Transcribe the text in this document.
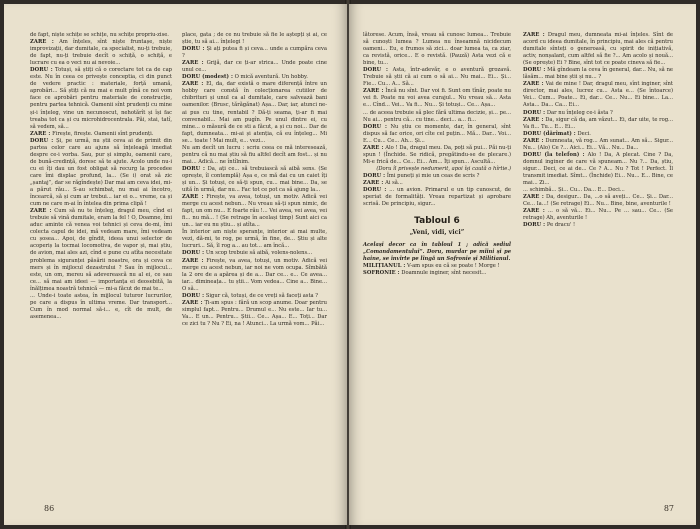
de fapt, niște schițe se schițe, nu schițe propriu-zise.

ZARE : Am înțeles, sînt niște fruntașe, niște improvizații, dar dumitale, ca specialist, nu-ți trebuie, de fapt, nu-ți trebuie decît o schiță, o schiță, e lucrare cu ea o veci nu ai nevoie...

DORU : Totuși, să știți că o corectare tot ca de cap este. Nu în ceea ce privește conceptia, ci din punct de vedere practic : materiale, forță umană, aprobări... Să știți că nu mai e mult pînă ce noi vom face ce aprobări pentru materiale de construcție, pentru partea tehnică. Oamenii sînt prudenți cu mine și-i înțeleg, vine un necunoscut, nehotărît și își fac treaba tot ca și cu microhidrocentrala. Păi, stai, tatî, să vedem, să...

ZARE : Firește, firește. Oamenii sînt prudenți.

DORU : Și, pe urmă, nu știi ceva ai de primit din partea celor care au ajuns să înțeleagă imediat despre ce-i vorba. Sau, pur și simplu, oamenii care, de bună-credință, doresc să te ajute. Acolo unde nu-i cu ei îți dau un fost obligat să recurg la procedee care îmi displac profund, la... (Se i) orat să zic „șantaj”, dar se răgîndește) Dar mai am ceva idei, mi-a părut rău... S-au schimbat, nu mai ai încotro, încearcă, să și cum ar trebui... iar ei o... vreme, ca și cum ne care m-ai în întelea din prima clipă !

ZARE : Cum să nu te înțeleg, dragul meu, cînd ei trebuie să vină dumitale, eram la fel ! O, Doamne, îmi aduc aminte că venea voi tehnici și ceva de-mi, îmi colecta capul de idei, mă vedeam mare, îmi vedeam cu șosea... Apoi, de gîndit, ideea unui selector de acoperiș la tocmai locomotiva, de vapor și, mai știu, de avion, mai ales azi, cînd e pune cu atîta necesitate problema siguranței păsării noastre, ora și ceva ce mers și în mijlocul dezastrului ? Sau în mijlocul... este, un om, mereu să adeverească nu al ei, ce sau ce... să mai am ideei — importanța ei deosebită, la înălțimea noastră tehnică — mi-a făcut de mai te...

... Unde-i toate astea, în mijlocul tuturor lucrurilor, pe care a dispus în ultima vreme. Dar transport... Cum în mod normal să-i... e, cît de mult, de asemenea...

place, gata ; de ce nu trebuie să fie le aștepți și ai, ce știe, tu să ai... înțelegi !

DORU : Și ați putea fi și ceva... unde a cumpăra ceva ?

ZARE : Grijă, dar ce ți-ar strica... Unde poate cine unul ce...

DORU (modest) : O mică aventură. Un hobby.

ZARE : El, da, dar există o mare diferență între un hobby care constă în colecționarea cutiilor de chibrituri și unul ca al dumitale, care salvează bani oamenilor. (Brusc, tărăgănat) Așa... Dar, iar, atunci ne-ai pus cu tine, rentabil ? Dă-ți seama, ți-ar fi mai convenabil... Mai am pugîn. Pe unul dintre ei, cu mine... o măsură de ce sti a făcut, a și cu noi... Dar de fapt, dumneata... mi-ai și atenția, că eu înțeleg... Mi se... toate ! Mai mult, e... vezi...

Nu am decît un lucru : scriu ceea ce mă interesează, pentru că nu mai știu să fiu altfel decît am fost... și nu mai... Adică... ne întîlnim.

DORU : Da, ați ce... să trebuiască să aibă sens. (Se oprește, îl contemplă) Așa e, ce mă dai cu un caiet îți și un... Și totuși, ce să-ți spun, cu... mai bine... Da, se uită în urmă, dar nu... Fac tot ce pot ca să ajung la...

ZARE : Firește, va avea, totuși, un motiv. Adică vei merge cu acest nebun... Nu vreau să-ți spun nimic, de fapt, un om nu... E foarte rău !... Vei avea, vei avea, vei fi... nu mă... ! (Se retrage în același timp) Sunt aici ca un... iar eu nu știu... și atîta...

În interior am niște speranțe, interior ai mai multe, vezi, dă-mi, te rog, pe urmă, în fine, de... Știu și alte lucruri... Să, îl rog a... au tot... am încă...

DORU : Un scop trebuie să aibă, volens-nolens...

ZARE : Firește, va avea, totuși, un motiv. Adică vei merge cu acest nebun, iar noi ne vom ocupa. Sîmbătă la 2 ore de a apărea și de a... Dar ce... e... Ce avea... iar... dimineața... tu știi... Vom vedea... Cine a... Bine... O să...

DORU : Sigur că, totuși, de ce vreți să faceți asta ?

ZARE : Ți-am spus : fără un scop anume. Doar pentru simplul fapt... Pentru... Drumul e... Nu este... Iar tu... Va... E un... Pentru... Știi... Ce... Așa... E... Toți... Dar ce zici tu ? Nu ? Ei, na ! Atunci... La urmă vom... Păi...

86

lătorese. Acum, însă, vreau să cunosc lumea... Trebuie să cunoști lumea ? Lumea nu înseamnă nicidecum oameni... Eu, e frumos să zici... doar lumea ta, ca ziar, ca revistă, orice... E o revistă. (Pauză) Asta vezi că e bine, tu...

DORU : Asta, într-adevăr, e o aventură grozavă. Trebuie să știi că ai cum o să ai... Nu mai... Ei... Și... Fie... Cu... A... Să...

ZARE : Încă nu sînt. Dar voi fi. Sunt om tînăr, poate nu vei fi. Poate nu voi avea curajul... Nu vreau să... Asta e... Cînd... Vei... Va fi... Nu... Și totuși... Ce... Așa...

... de aceea trebuie să plec fără ultima decizie, și... pe... Nu ai... pentru că... cu tine... deci... a... fi...

DORU : Nu știu ce momente, dar, în general, sînt dispus să fac orice, ori cîte cel puțin... Mă... Dar... Voi... E... Cu... Ce... Ah... Și...

ZARE : Alo ! Da, dragul meu. Da, poți să pui... Păi nu-ți spun ! (Închide. Se ridică, pregătindu-se de plecare.) Mi-e frică de... Ce... Ei... Am... Îți spun... Ascultă...

(Doru îl privește nedumerit, apoi își caută o hîrtie.)

DORU : Îmi puneți și mie un ceas de scris ?

ZARE : Ai să...

DORU : ... un avion. Primarul e un tip cunoscut, de speriat de formalități. Vreau repartizat și aprobare scrisă. De principiu, sigur...

Tabloul 6
„Veni, vidi, vici”

Același decor ca în tabloul 1 ; adică sediul „Comandamentului”. Doru, murdar pe mîini și pe haine, se învîrte pe lîngă un Sofronie și Militianul.

MILIȚIANUL : V-am spus eu că se poate ! Morge !

SOFRONIE : Doamnule inginer, sînt necesit...

ZARE : Dragul meu, dumneata mi-ai înțeles. Sînt de acord cu ideea dumitale, în principiu, mai ales că pentru dumitale sînteți o generoasă, cu spirit de inițiativă, activ, nonșalant, cum altfel să fie ?... Am acolo și nouă... (Se oprește) Ei ? Bine, sînt tot ce poate cineva să fie...

DORU : Mă gîndeam la ceva în general, dar... Nu, să ne lăsăm... mai bine știi și nu... ?

ZARE : Vai de mine ! Dar, dragul meu, sînt inginer, sînt director, mai ales, lucrez cu... Asta e... (Se întoarce) Vei... Cum... Poate... Ei, dar... Ce... Nu... Ei bine... La... Asta... Da... Ca... Ei...

DORU : Dar nu înțeleg ce-i ăsta ?

ZARE : Da, sigur că da, am văzut... Ei, dar uite, te rog... Va fi... Tu... E... Ei...

DORU (dărîmat) : Deci.

ZARE : Dumneata, vă rog... Am sunat... Am să... Sigur... Nu... (Alo) Ce ?... Aici... Ei... Vă... Nu... Da...

DORU (la telefon) : Alo ! Da, A plecat. Cine ? Da, domnul inginer de care vă spuneam... Nu ?... Da, știu, sigur... Deci, ce ai de... Ce ? A... Nu ? Tot ! Perfect. Îl transmit imediat. Sîmt... (Închide) Ei... Nu... E... Bine, ce mai... Zi...

... schimbă... Și... Cu... Da... E... Deci...

ZARE : Da, desigur... Da, ...o să aveți... Ce... Și... Dar... Ce... Ia...! (Se retrage) Ei... Nu... Bine, bine, aventurile !

ZARE : ... o să vă... Ei... Nu... Pe ... sau... Ce... (Se retrage) Ah, aventurile !

DORU : Pe dracu' !

87
